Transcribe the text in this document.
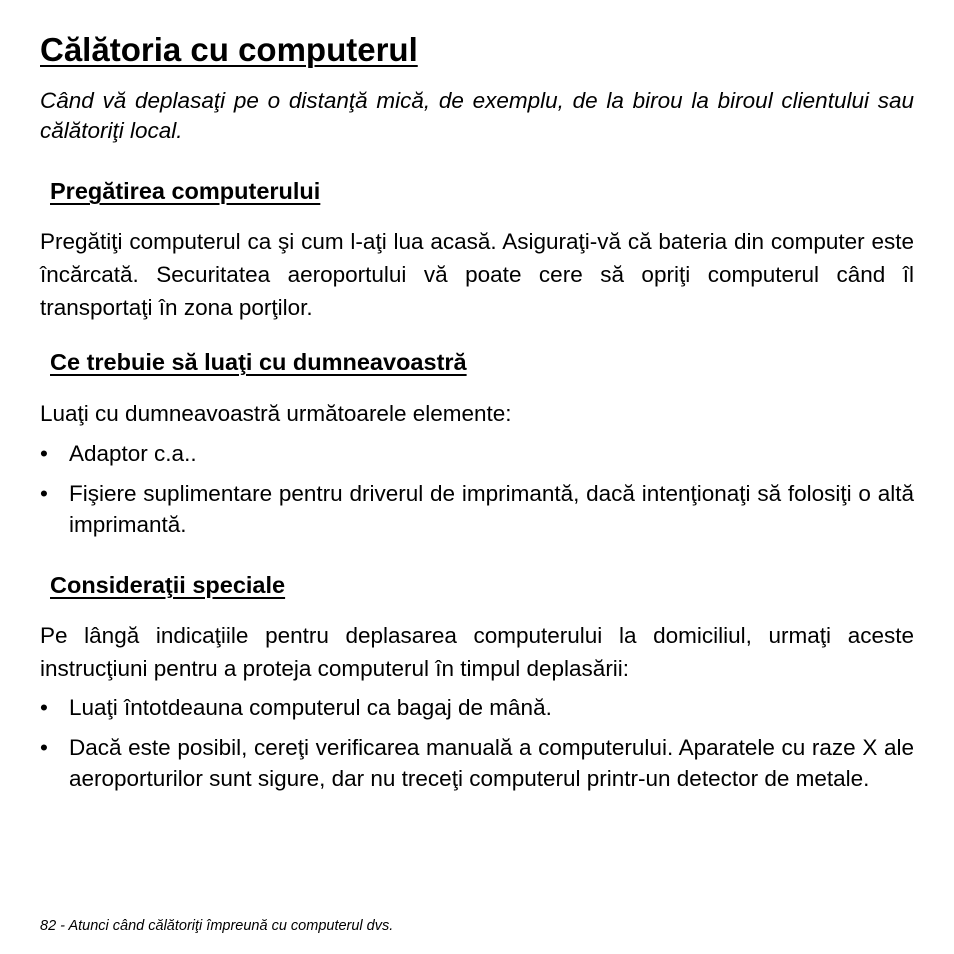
Călătoria cu computerul

Când vă deplasaţi pe o distanţă mică, de exemplu, de la birou la biroul clientului sau călătoriţi local.

Pregătirea computerului

Pregătiţi computerul ca şi cum l-aţi lua acasă. Asiguraţi-vă că bateria din computer este încărcată. Securitatea aeroportului vă poate cere să opriţi computerul când îl transportaţi în zona porţilor.

Ce trebuie să luaţi cu dumneavoastră

Luaţi cu dumneavoastră următoarele elemente:

• Adaptor c.a..
• Fişiere suplimentare pentru driverul de imprimantă, dacă intenţionaţi să folosiţi o altă imprimantă.
Consideraţii speciale

Pe lângă indicaţiile pentru deplasarea computerului la domiciliul, urmaţi aceste instrucţiuni pentru a proteja computerul în timpul deplasării:

• Luaţi întotdeauna computerul ca bagaj de mână.
• Dacă este posibil, cereţi verificarea manuală a computerului. Aparatele cu raze X ale aeroporturilor sunt sigure, dar nu treceţi computerul printr-un detector de metale.

82 - Atunci când călătoriţi împreună cu computerul dvs.
